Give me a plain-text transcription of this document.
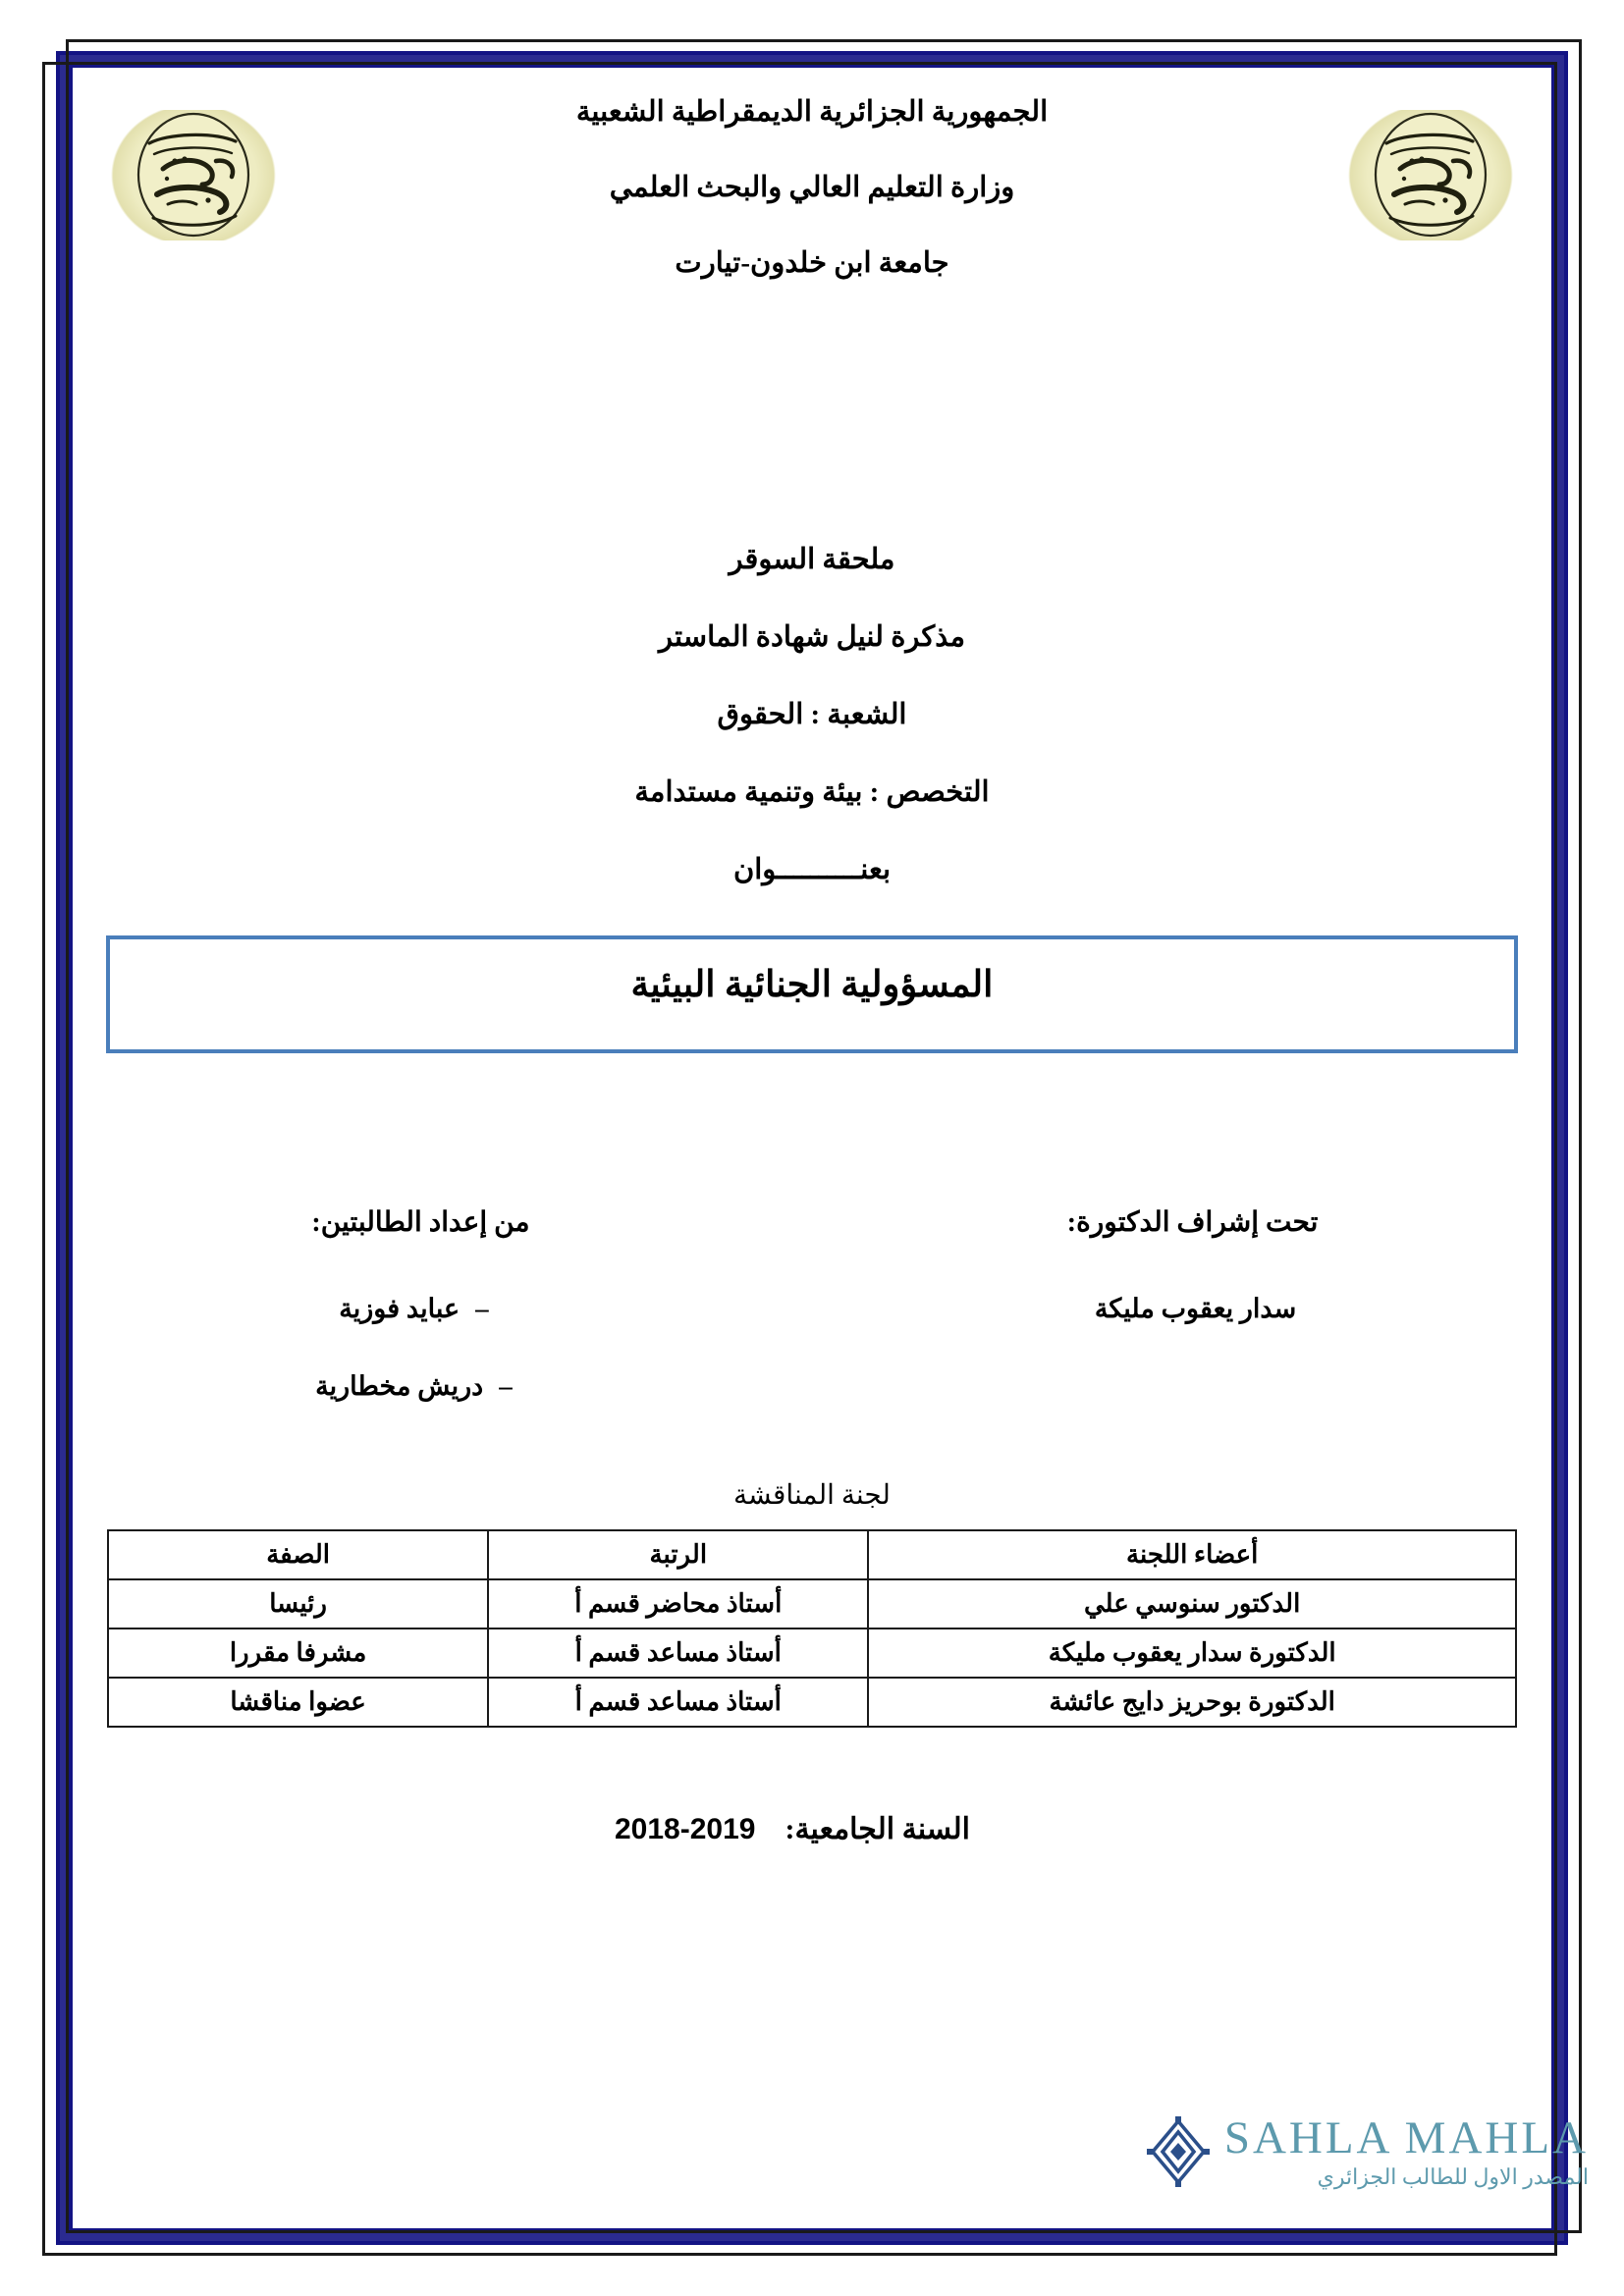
الجمهورية الجزائرية الديمقراطية الشعبية

وزارة التعليم العالي والبحث العلمي

جامعة ابن خلدون-تيارت

ملحقة السوقر

مذكرة لنيل شهادة الماستر

الشعبة : الحقوق

التخصص : بيئة وتنمية مستدامة

بعنــــــــــوان

المسؤولية الجنائية البيئية

تحت إشراف الدكتورة:

سدار يعقوب مليكة

من إعداد الطالبتين:

–عبايد فوزية

–دريش مخطارية

لجنة المناقشة

أعضاء اللجنة	الرتبة	الصفة
الدكتور سنوسي علي	أستاذ محاضر قسم أ	رئيسا
الدكتورة سدار يعقوب مليكة	أستاذ مساعد قسم أ	مشرفا مقررا
الدكتورة بوحريز دايج عائشة	أستاذ مساعد قسم أ	عضوا مناقشا
السنة الجامعية: 2018-2019
SAHLA MAHLA
المصدر الاول للطالب الجزائري
